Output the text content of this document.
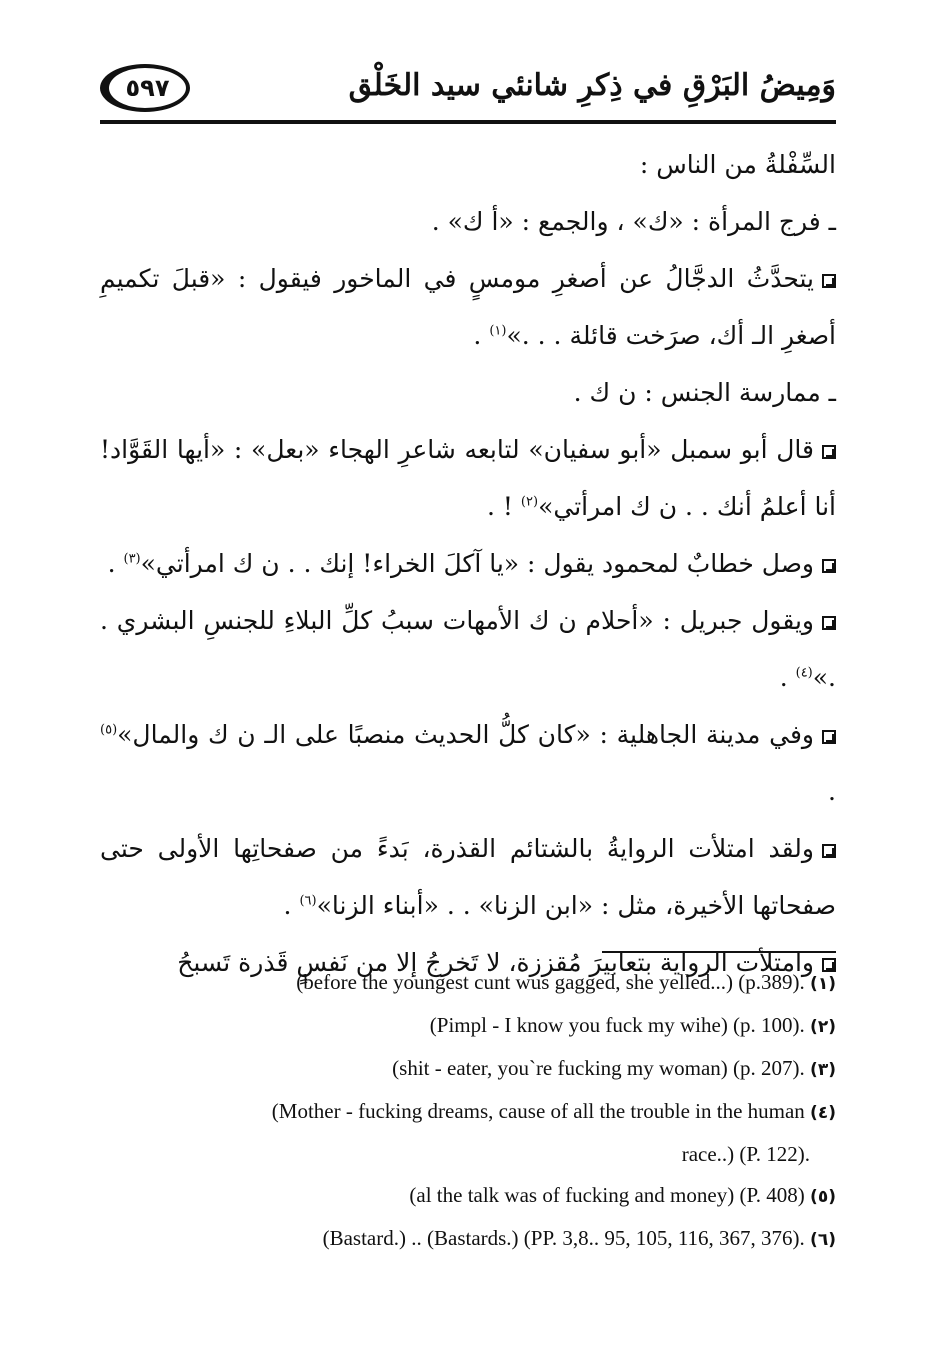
وَمِيضُ البَرْقِ في ذِكرِ شانئي سيد الخَلْق
٥٩٧

السِّفْلةُ من الناس :

ـ فرج المرأة : «ك» ، والجمع : «أ ك» .

يتحدَّثُ الدجَّالُ عن أصغرِ مومسٍ في الماخور فيقول : «قبلَ تكميمِ أصغرِ الـ أك، صرَخت قائلة . . .»$^{(١)}$ .

ـ ممارسة الجنس : ن ك .

قال أبو سمبل «أبو سفيان» لتابعه شاعرِ الهجاء «بعل» : «أيها القَوَّاد! أنا أعلمُ أنك . . ن ك امرأتي»$^{(٢)}$ ! .

وصل خطابٌ لمحمود يقول : «يا آكلَ الخراء! إنك . . ن ك امرأتي»$^{(٣)}$ .

ويقول جبريل : «أحلام ن ك الأمهات سببُ كلِّ البلاءِ للجنسِ البشري . .»$^{(٤)}$ .

وفي مدينة الجاهلية : «كان كلُّ الحديث منصبًا على الـ ن ك والمال»$^{(٥)}$ .

ولقد امتلأت الروايةُ بالشتائم القذرة، بَدءً من صفحاتِها الأولى حتى صفحاتها الأخيرة، مثل : «ابن الزنا» . . «أبناء الزنا»$^{(٦)}$ .

وامتلأت الرواية بتعابيرَ مُقززة، لا تَخرجُ إلا من نَفسٍ قَذرة تَسبحُ

(before the youngest cunt wus gagged, she yelled...) (p.389). (١)

(Pimpl - I know you fuck my wihe) (p. 100). (٢)

(shit - eater, you`re fucking my woman) (p. 207). (٣)

(Mother - fucking dreams, cause of all the trouble in the human (٤)

race..) (P. 122).

(al the talk was of fucking and money) (P. 408) (٥)

(Bastard.) .. (Bastards.) (PP. 3,8.. 95, 105, 116, 367, 376). (٦)
